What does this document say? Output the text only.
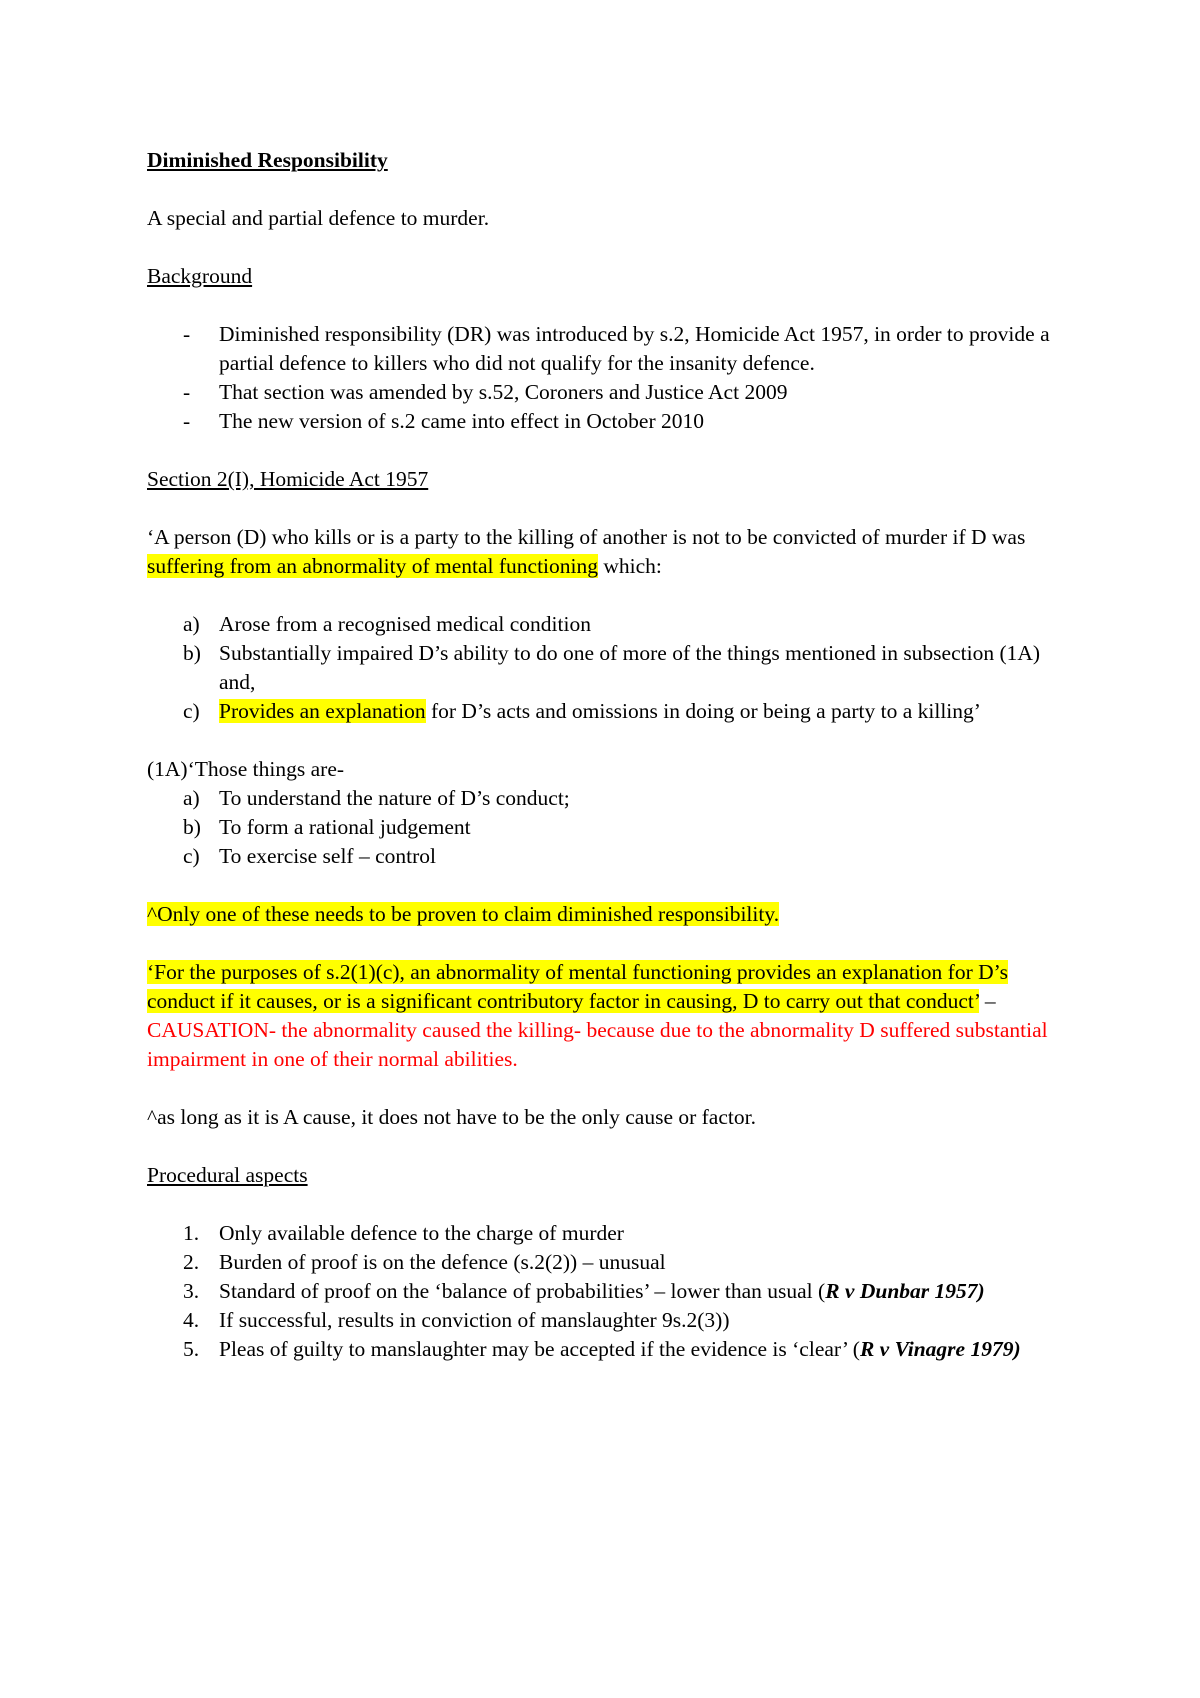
Diminished Responsibility

A special and partial defence to murder.

Background

- Diminished responsibility (DR) was introduced by s.2, Homicide Act 1957, in order to provide a partial defence to killers who did not qualify for the insanity defence.
- That section was amended by s.52, Coroners and Justice Act 2009
- The new version of s.2 came into effect in October 2010

Section 2(I), Homicide Act 1957

‘A person (D) who kills or is a party to the killing of another is not to be convicted of murder if D was suffering from an abnormality of mental functioning which:

a) Arose from a recognised medical condition
b) Substantially impaired D’s ability to do one of more of the things mentioned in subsection (1A) and,
c) Provides an explanation for D’s acts and omissions in doing or being a party to a killing’

(1A)‘Those things are-

a) To understand the nature of D’s conduct;
b) To form a rational judgement
c) To exercise self – control

^Only one of these needs to be proven to claim diminished responsibility.

‘For the purposes of s.2(1)(c), an abnormality of mental functioning provides an explanation for D’s conduct if it causes, or is a significant contributory factor in causing, D to carry out that conduct’ – CAUSATION- the abnormality caused the killing- because due to the abnormality D suffered substantial impairment in one of their normal abilities.

^as long as it is A cause, it does not have to be the only cause or factor.

Procedural aspects

1. Only available defence to the charge of murder
2. Burden of proof is on the defence (s.2(2)) – unusual
3. Standard of proof on the ‘balance of probabilities’ – lower than usual (R v Dunbar 1957)
4. If successful, results in conviction of manslaughter 9s.2(3))
5. Pleas of guilty to manslaughter may be accepted if the evidence is ‘clear’ (R v Vinagre 1979)
